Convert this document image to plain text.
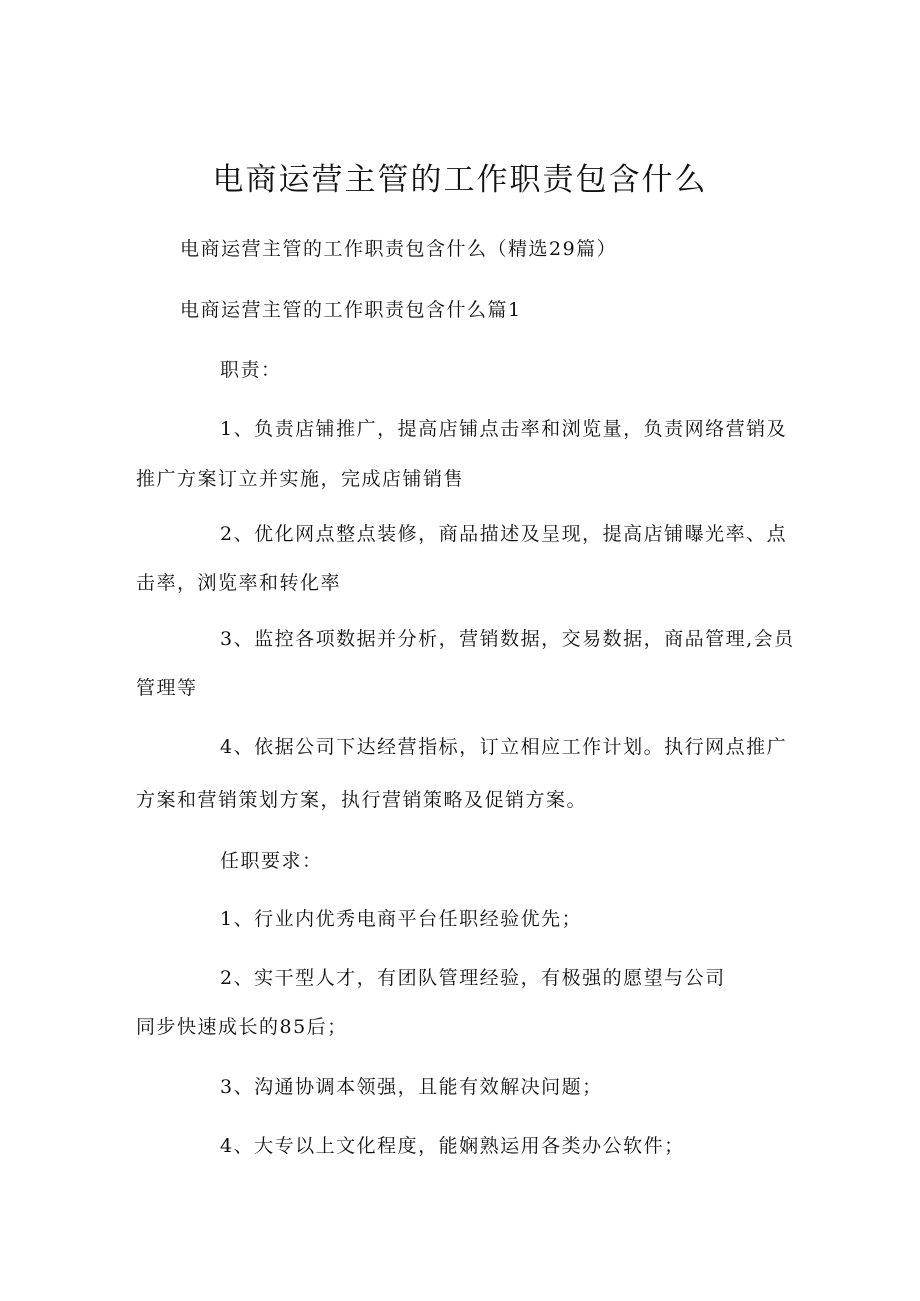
电商运营主管的工作职责包含什么
电商运营主管的工作职责包含什么（精选29篇）
电商运营主管的工作职责包含什么篇1
职责：
1、负责店铺推广，提高店铺点击率和浏览量，负责网络营销及
推广方案订立并实施，完成店铺销售
2、优化网点整点装修，商品描述及呈现，提高店铺曝光率、点
击率，浏览率和转化率
3、监控各项数据并分析，营销数据，交易数据，商品管理,会员
管理等
4、依据公司下达经营指标，订立相应工作计划。执行网点推广
方案和营销策划方案，执行营销策略及促销方案。
任职要求：
1、行业内优秀电商平台任职经验优先；
2、实干型人才，有团队管理经验，有极强的愿望与公司
同步快速成长的85后；
3、沟通协调本领强，且能有效解决问题；
4、大专以上文化程度，能娴熟运用各类办公软件；
